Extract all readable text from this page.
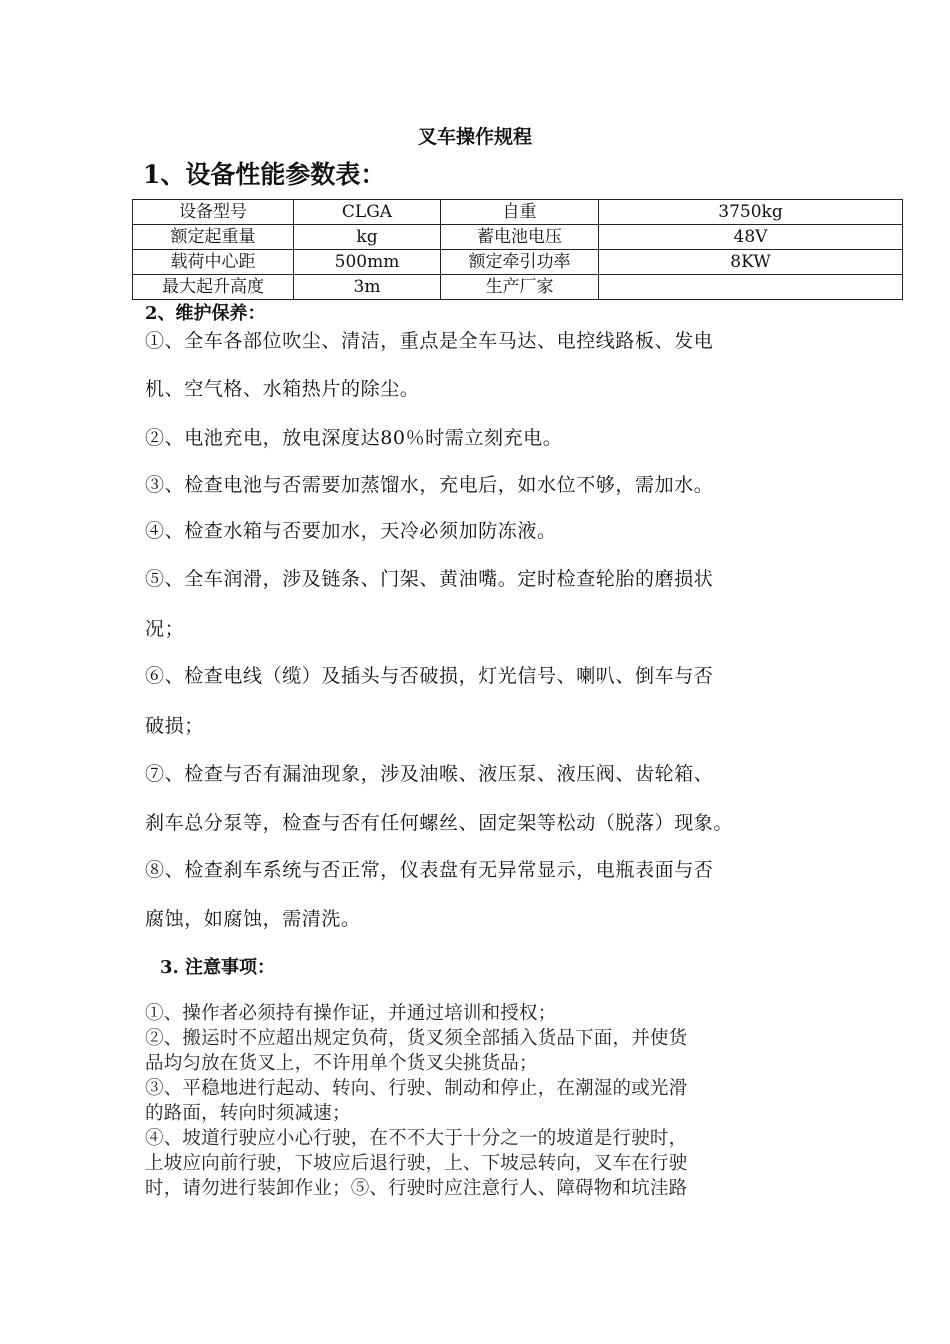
叉车操作规程
1、设备性能参数表：
设备型号	CLGA	自重	3750kg
额定起重量	kg	蓄电池电压	48V
载荷中心距	500mm	额定牵引功率	8KW
最大起升高度	3m	生产厂家	
2、维护保养：
①、全车各部位吹尘、清洁，重点是全车马达、电控线路板、发电
机、空气格、水箱热片的除尘。
②、电池充电，放电深度达80％时需立刻充电。
③、检查电池与否需要加蒸馏水，充电后，如水位不够，需加水。
④、检查水箱与否要加水，天冷必须加防冻液。
⑤、全车润滑，涉及链条、门架、黄油嘴。定时检查轮胎的磨损状
况；
⑥、检查电线（缆）及插头与否破损，灯光信号、喇叭、倒车与否
破损；
⑦、检查与否有漏油现象，涉及油喉、液压泵、液压阀、齿轮箱、
刹车总分泵等，检查与否有任何螺丝、固定架等松动（脱落）现象。
⑧、检查刹车系统与否正常，仪表盘有无异常显示，电瓶表面与否
腐蚀，如腐蚀，需清洗。
3. 注意事项：
①、操作者必须持有操作证，并通过培训和授权；
②、搬运时不应超出规定负荷，货叉须全部插入货品下面，并使货
品均匀放在货叉上，不许用单个货叉尖挑货品；
③、平稳地进行起动、转向、行驶、制动和停止，在潮湿的或光滑
的路面，转向时须减速；
④、坡道行驶应小心行驶，在不不大于十分之一的坡道是行驶时，
上坡应向前行驶，下坡应后退行驶，上、下坡忌转向，叉车在行驶
时，请勿进行装卸作业；⑤、行驶时应注意行人、障碍物和坑洼路
